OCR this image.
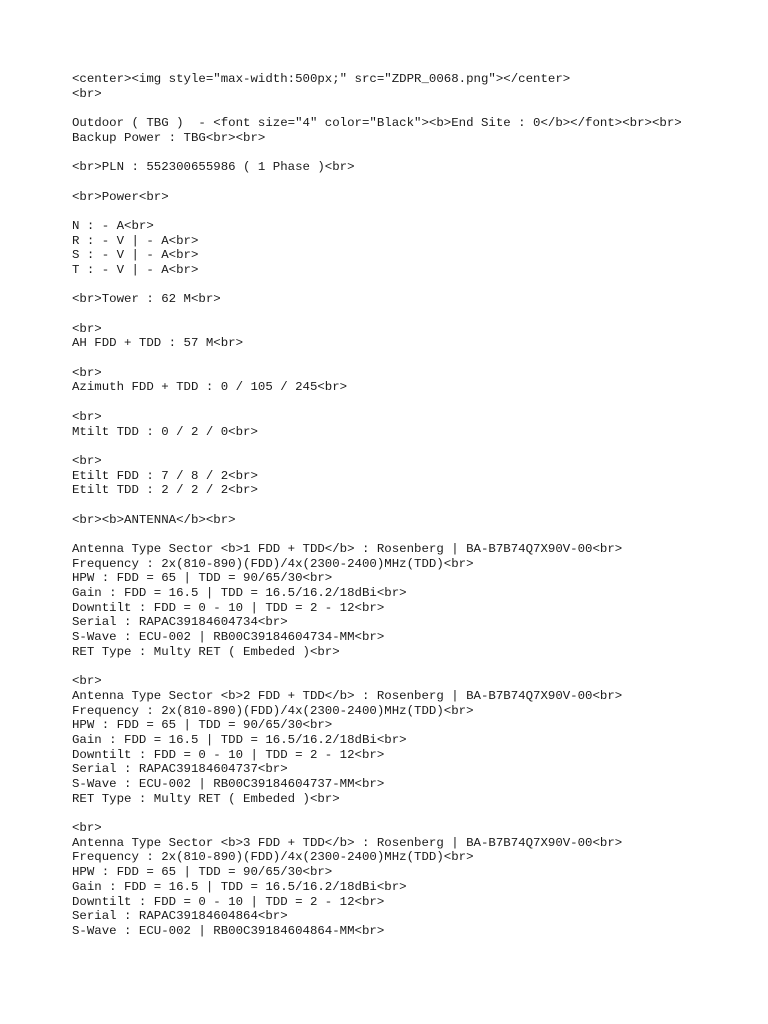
<center><img style="max-width:500px;" src="ZDPR_0068.png"></center>
<br>
Outdoor ( TBG )  - <font size="4" color="Black"><b>End Site : 0</b></font><br><br>
Backup Power : TBG<br><br>
<br>PLN : 552300655986 ( 1 Phase )<br>
<br>Power<br>
N : - A<br>
R : - V | - A<br>
S : - V | - A<br>
T : - V | - A<br>
<br>Tower : 62 M<br>
<br>
AH FDD + TDD : 57 M<br>
<br>
Azimuth FDD + TDD : 0 / 105 / 245<br>
<br>
Mtilt TDD : 0 / 2 / 0<br>
<br>
Etilt FDD : 7 / 8 / 2<br>
Etilt TDD : 2 / 2 / 2<br>
<br><b>ANTENNA</b><br>
Antenna Type Sector <b>1 FDD + TDD</b> : Rosenberg | BA-B7B74Q7X90V-00<br>
Frequency : 2x(810-890)(FDD)/4x(2300-2400)MHz(TDD)<br>
HPW : FDD = 65 | TDD = 90/65/30<br>
Gain : FDD = 16.5 | TDD = 16.5/16.2/18dBi<br>
Downtilt : FDD = 0 - 10 | TDD = 2 - 12<br>
Serial : RAPAC39184604734<br>
S-Wave : ECU-002 | RB00C39184604734-MM<br>
RET Type : Multy RET ( Embeded )<br>
<br>
Antenna Type Sector <b>2 FDD + TDD</b> : Rosenberg | BA-B7B74Q7X90V-00<br>
Frequency : 2x(810-890)(FDD)/4x(2300-2400)MHz(TDD)<br>
HPW : FDD = 65 | TDD = 90/65/30<br>
Gain : FDD = 16.5 | TDD = 16.5/16.2/18dBi<br>
Downtilt : FDD = 0 - 10 | TDD = 2 - 12<br>
Serial : RAPAC39184604737<br>
S-Wave : ECU-002 | RB00C39184604737-MM<br>
RET Type : Multy RET ( Embeded )<br>
<br>
Antenna Type Sector <b>3 FDD + TDD</b> : Rosenberg | BA-B7B74Q7X90V-00<br>
Frequency : 2x(810-890)(FDD)/4x(2300-2400)MHz(TDD)<br>
HPW : FDD = 65 | TDD = 90/65/30<br>
Gain : FDD = 16.5 | TDD = 16.5/16.2/18dBi<br>
Downtilt : FDD = 0 - 10 | TDD = 2 - 12<br>
Serial : RAPAC39184604864<br>
S-Wave : ECU-002 | RB00C39184604864-MM<br>
